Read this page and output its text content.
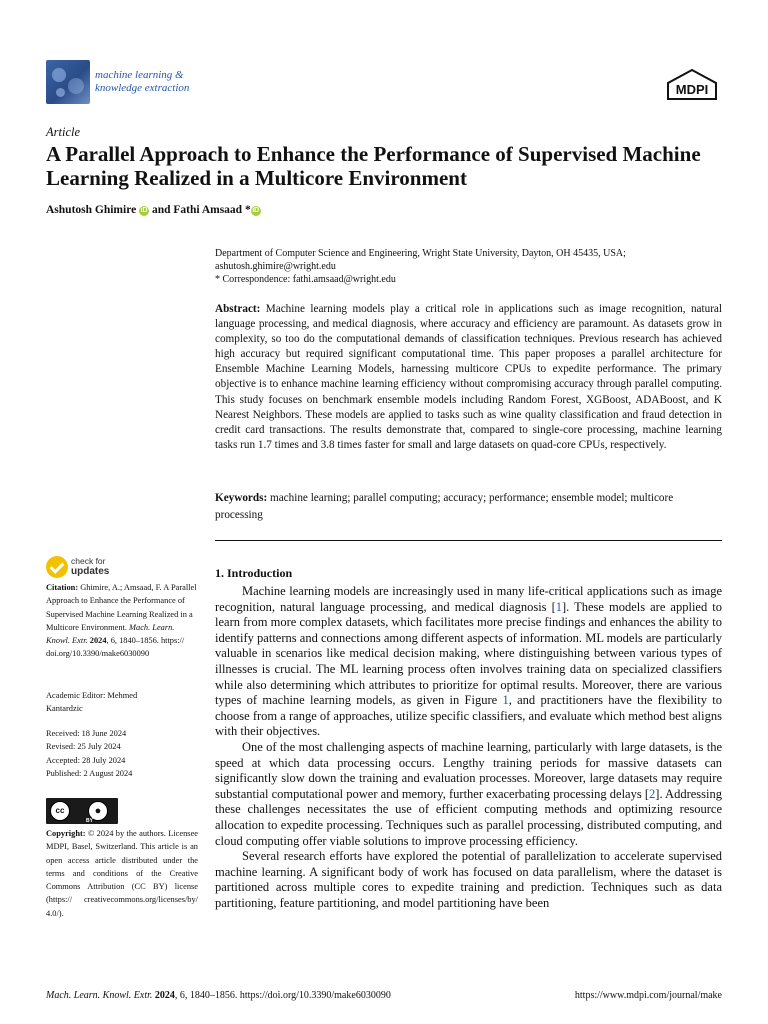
machine learning &
knowledge extraction	MDPI
Article
A Parallel Approach to Enhance the Performance of Supervised Machine Learning Realized in a Multicore Environment
Ashutosh Ghimire iD and Fathi Amsaad * iD
Department of Computer Science and Engineering, Wright State University, Dayton, OH 45435, USA;
ashutosh.ghimire@wright.edu
* Correspondence: fathi.amsaad@wright.edu
Abstract: Machine learning models play a critical role in applications such as image recognition, natural language processing, and medical diagnosis, where accuracy and efficiency are paramount. As datasets grow in complexity, so too do the computational demands of classification techniques. Previous research has achieved high accuracy but required significant computational time. This paper proposes a parallel architecture for Ensemble Machine Learning Models, harnessing multicore CPUs to expedite performance. The primary objective is to enhance machine learning efficiency without compromising accuracy through parallel computing. This study focuses on benchmark ensemble models including Random Forest, XGBoost, ADABoost, and K Nearest Neighbors. These models are applied to tasks such as wine quality classification and fraud detection in credit card transactions. The results demonstrate that, compared to single-core processing, machine learning tasks run 1.7 times and 3.8 times faster for small and large datasets on quad-core CPUs, respectively.
Keywords: machine learning; parallel computing; accuracy; performance; ensemble model; multicore processing
check for
updates
Citation: Ghimire, A.; Amsaad, F. A Parallel Approach to Enhance the Performance of Supervised Machine Learning Realized in a Multicore Environment. Mach. Learn. Knowl. Extr. 2024, 6, 1840–1856. https:// doi.org/10.3390/make6030090
Academic Editor: Mehmed
Kantardzic
Received: 18 June 2024
Revised: 25 July 2024
Accepted: 28 July 2024
Published: 2 August 2024
cc	●
BY
Copyright: © 2024 by the authors. Licensee MDPI, Basel, Switzerland. This article is an open access article distributed under the terms and conditions of the Creative Commons Attribution (CC BY) license (https:// creativecommons.org/licenses/by/ 4.0/).
1. Introduction

Machine learning models are increasingly used in many life-critical applications such as image recognition, natural language processing, and medical diagnosis [1]. These models are applied to learn from more complex datasets, which facilitates more precise findings and enhances the ability to identify patterns and connections among different aspects of information. ML models are particularly valuable in scenarios like medical decision making, where distinguishing between various types of illnesses is crucial. The ML learning process often involves training data on specialized classifiers while also determining which attributes to prioritize for optimal results. Moreover, there are various types of machine learning models, as given in Figure 1, and practitioners have the flexibility to choose from a range of approaches, utilize specific classifiers, and evaluate which method best aligns with their objectives.

One of the most challenging aspects of machine learning, particularly with large datasets, is the speed at which data processing occurs. Lengthy training periods for massive datasets can significantly slow down the training and evaluation processes. Moreover, large datasets may require substantial computational power and memory, further exacerbating processing delays [2]. Addressing these challenges necessitates the use of efficient computing methods and optimizing resource allocation to expedite processing. Techniques such as parallel processing, distributed computing, and cloud computing offer viable solutions to improve processing efficiency.

Several research efforts have explored the potential of parallelization to accelerate supervised machine learning. A significant body of work has focused on data parallelism, where the dataset is partitioned across multiple cores to expedite training and prediction. Techniques such as data partitioning, feature partitioning, and model partitioning have been

Mach. Learn. Knowl. Extr. 2024, 6, 1840–1856. https://doi.org/10.3390/make6030090	https://www.mdpi.com/journal/make
